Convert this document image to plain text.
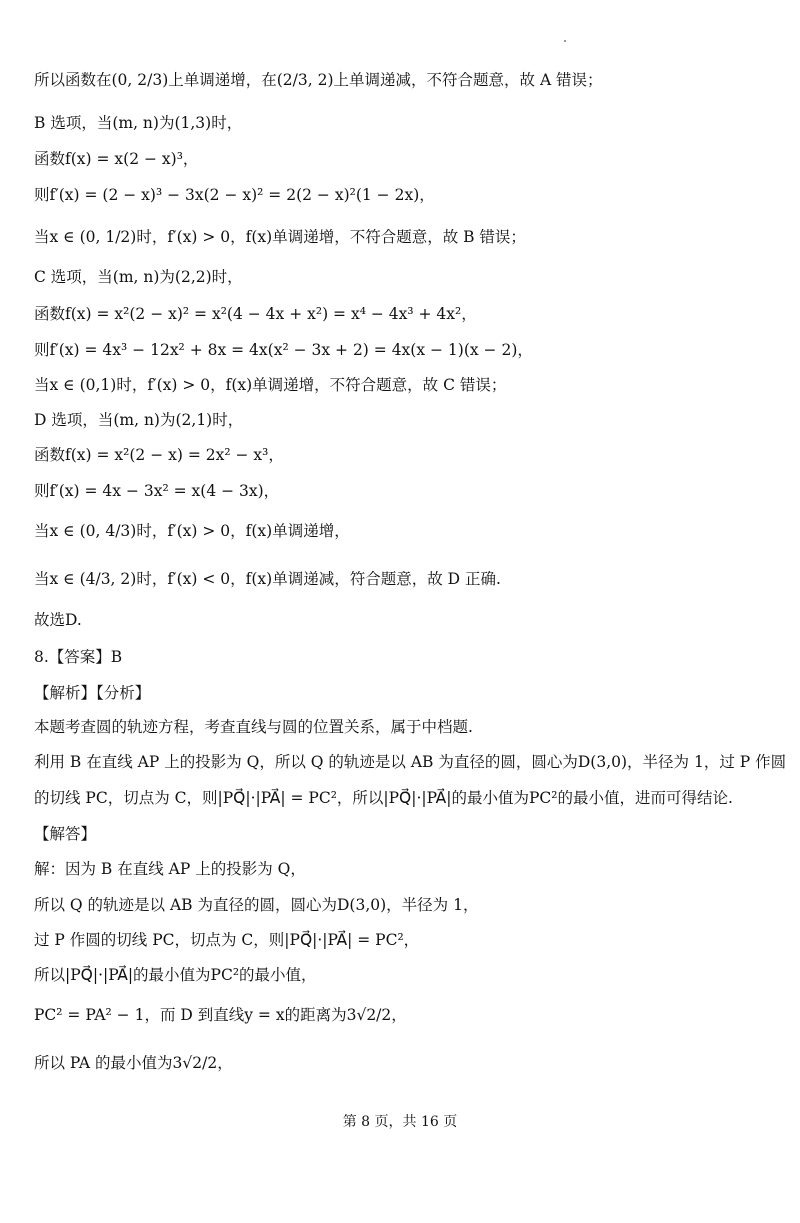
所以函数在(0, 2/3)上单调递增，在(2/3, 2)上单调递减，不符合题意，故 A 错误；
B 选项，当(m, n)为(1,3)时，
函数f(x) = x(2 − x)³，
则f′(x) = (2 − x)³ − 3x(2 − x)² = 2(2 − x)²(1 − 2x)，
当x ∈ (0, 1/2)时，f′(x) > 0，f(x)单调递增，不符合题意，故 B 错误；
C 选项，当(m, n)为(2,2)时，
函数f(x) = x²(2 − x)² = x²(4 − 4x + x²) = x⁴ − 4x³ + 4x²，
则f′(x) = 4x³ − 12x² + 8x = 4x(x² − 3x + 2) = 4x(x − 1)(x − 2)，
当x ∈ (0,1)时，f′(x) > 0，f(x)单调递增，不符合题意，故 C 错误；
D 选项，当(m, n)为(2,1)时，
函数f(x) = x²(2 − x) = 2x² − x³，
则f′(x) = 4x − 3x² = x(4 − 3x)，
当x ∈ (0, 4/3)时，f′(x) > 0，f(x)单调递增，
当x ∈ (4/3, 2)时，f′(x) < 0，f(x)单调递减，符合题意，故 D 正确.
故选D.
8.【答案】B
【解析】【分析】
本题考查圆的轨迹方程，考查直线与圆的位置关系，属于中档题.
利用 B 在直线 AP 上的投影为 Q，所以 Q 的轨迹是以 AB 为直径的圆，圆心为D(3,0)，半径为 1，过 P 作圆
的切线 PC，切点为 C，则|PQ⃗|·|PA⃗| = PC²，所以|PQ⃗|·|PA⃗|的最小值为PC²的最小值，进而可得结论.
【解答】
解：因为 B 在直线 AP 上的投影为 Q，
所以 Q 的轨迹是以 AB 为直径的圆，圆心为D(3,0)，半径为 1，
过 P 作圆的切线 PC，切点为 C，则|PQ⃗|·|PA⃗| = PC²，
所以|PQ⃗|·|PA⃗|的最小值为PC²的最小值，
PC² = PA² − 1，而 D 到直线y = x的距离为3√2/2，
所以 PA 的最小值为3√2/2，
第 8 页，共 16 页
